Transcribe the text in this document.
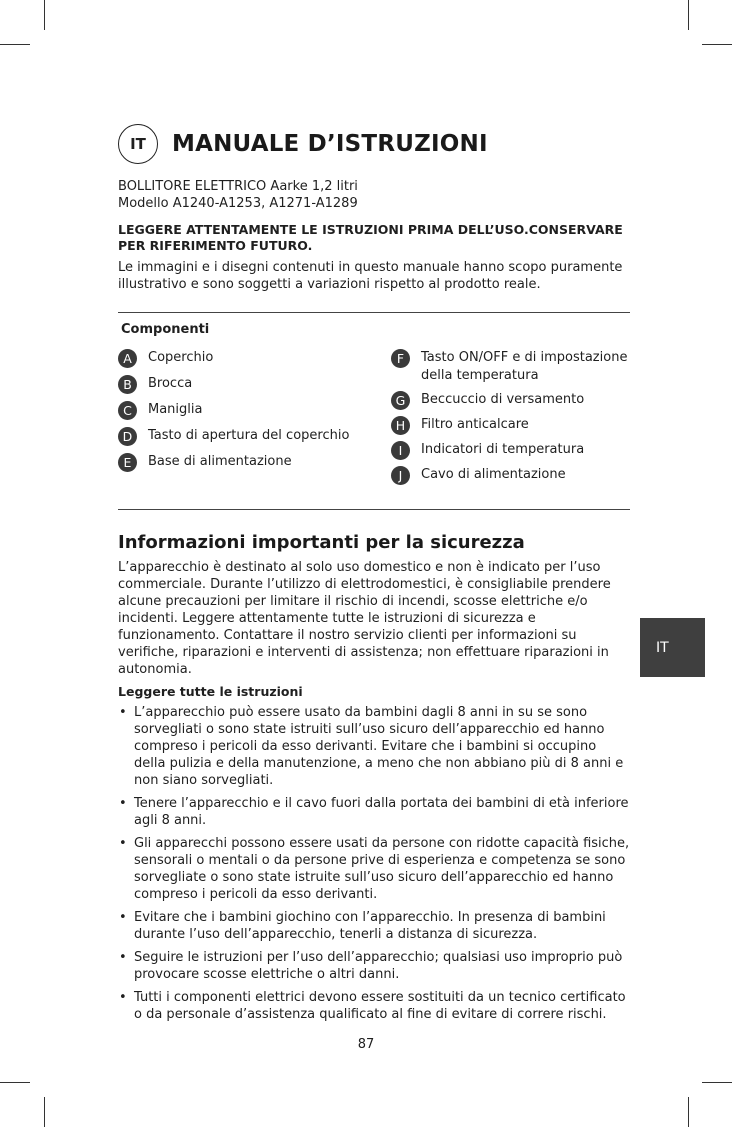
IT	MANUALE D’ISTRUZIONI
BOLLITORE ELETTRICO Aarke 1,2 litri
Modello A1240-A1253, A1271-A1289
LEGGERE ATTENTAMENTE LE ISTRUZIONI PRIMA DELL’USO.CONSERVARE PER RIFERIMENTO FUTURO.
Le immagini e i disegni contenuti in questo manuale hanno scopo puramente illustrativo e sono soggetti a variazioni rispetto al prodotto reale.
Componenti
A	Coperchio
B	Brocca
C	Maniglia
D	Tasto di apertura del coperchio
E	Base di alimentazione
F	Tasto ON/OFF e di impostazione della temperatura
G	Beccuccio di versamento
H	Filtro anticalcare
I	Indicatori di temperatura
J	Cavo di alimentazione
Informazioni importanti per la sicurezza
L’apparecchio è destinato al solo uso domestico e non è indicato per l’uso commerciale. Durante l’utilizzo di elettrodomestici, è consigliabile prendere alcune precauzioni per limitare il rischio di incendi, scosse elettriche e/o incidenti. Leggere attentamente tutte le istruzioni di sicurezza e funzionamento. Contattare il nostro servizio clienti per informazioni su verifiche, riparazioni e interventi di assistenza; non effettuare riparazioni in autonomia.
Leggere tutte le istruzioni
• L’apparecchio può essere usato da bambini dagli 8 anni in su se sono sorvegliati o sono state istruiti sull’uso sicuro dell’apparecchio ed hanno compreso i pericoli da esso derivanti. Evitare che i bambini si occupino della pulizia e della manutenzione, a meno che non abbiano più di 8 anni e non siano sorvegliati.
• Tenere l’apparecchio e il cavo fuori dalla portata dei bambini di età inferiore agli 8 anni.
• Gli apparecchi possono essere usati da persone con ridotte capacità fisiche, sensorali o mentali o da persone prive di esperienza e competenza se sono sorvegliate o sono state istruite sull’uso sicuro dell’apparecchio ed hanno compreso i pericoli da esso derivanti.
• Evitare che i bambini giochino con l’apparecchio. In presenza di bambini durante l’uso dell’apparecchio, tenerli a distanza di sicurezza.
• Seguire le istruzioni per l’uso dell’apparecchio; qualsiasi uso improprio può provocare scosse elettriche o altri danni.
• Tutti i componenti elettrici devono essere sostituiti da un tecnico certificato o da personale d’assistenza qualificato al fine di evitare di correre rischi.
IT
87
